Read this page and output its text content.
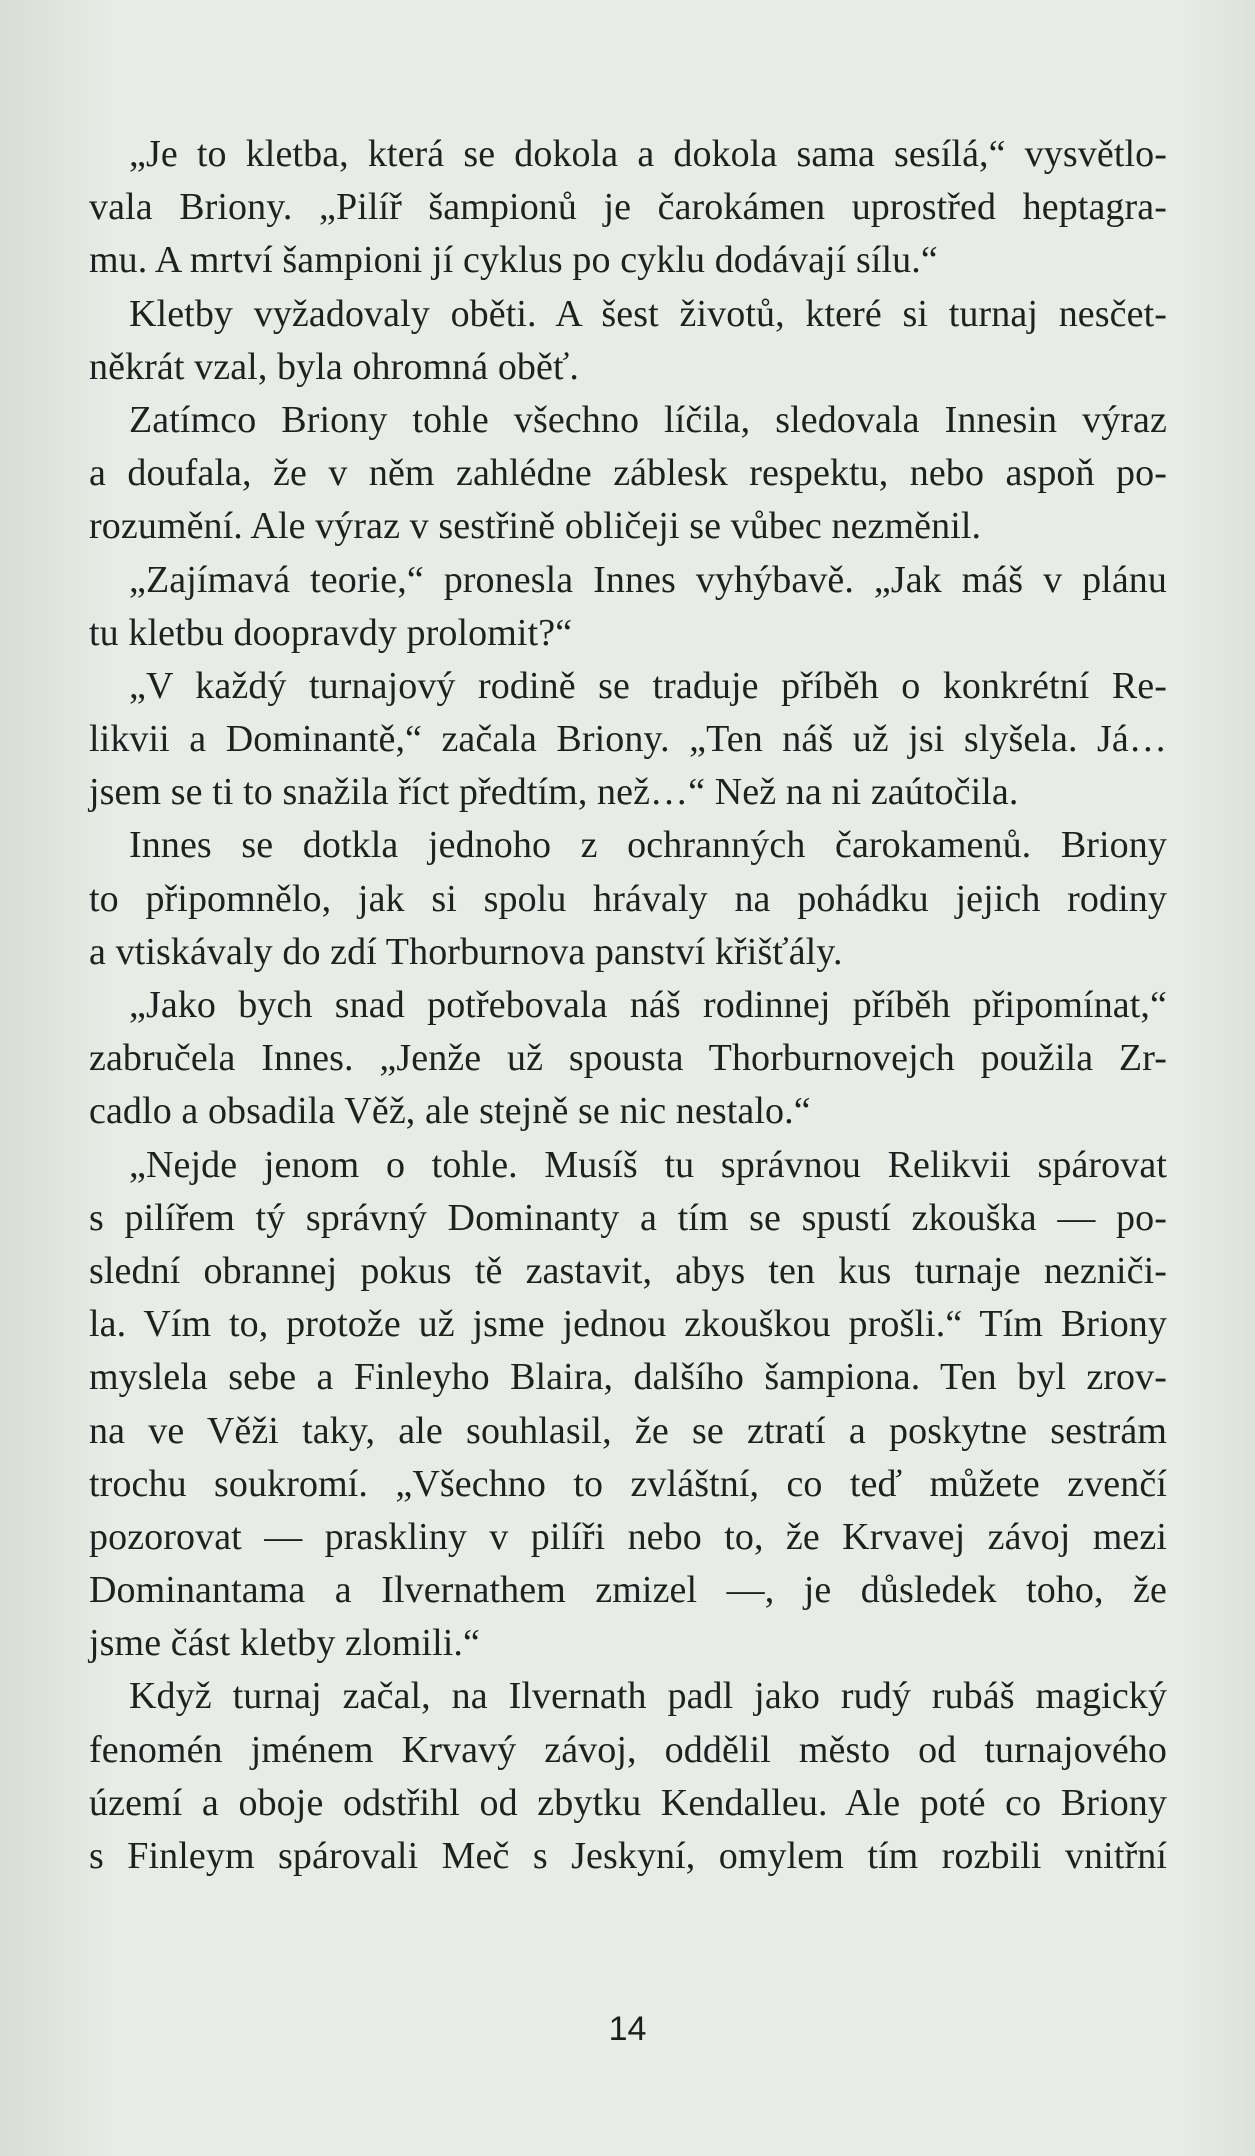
„Je to kletba, která se dokola a dokola sama sesílá,“ vysvětlo-
vala Briony. „Pilíř šampionů je čarokámen uprostřed heptagra-
mu. A mrtví šampioni jí cyklus po cyklu dodávají sílu.“
Kletby vyžadovaly oběti. A šest životů, které si turnaj nesčet-
někrát vzal, byla ohromná oběť.
Zatímco Briony tohle všechno líčila, sledovala Innesin výraz
a doufala, že v něm zahlédne záblesk respektu, nebo aspoň po-
rozumění. Ale výraz v sestřině obličeji se vůbec nezměnil.
„Zajímavá teorie,“ pronesla Innes vyhýbavě. „Jak máš v plánu
tu kletbu doopravdy prolomit?“
„V každý turnajový rodině se traduje příběh o konkrétní Re-
likvii a Dominantě,“ začala Briony. „Ten náš už jsi slyšela. Já…
jsem se ti to snažila říct předtím, než…“ Než na ni zaútočila.
Innes se dotkla jednoho z ochranných čarokamenů. Briony
to připomnělo, jak si spolu hrávaly na pohádku jejich rodiny
a vtiskávaly do zdí Thorburnova panství křišťály.
„Jako bych snad potřebovala náš rodinnej příběh připomínat,“
zabručela Innes. „Jenže už spousta Thorburnovejch použila Zr-
cadlo a obsadila Věž, ale stejně se nic nestalo.“
„Nejde jenom o tohle. Musíš tu správnou Relikvii spárovat
s pilířem tý správný Dominanty a tím se spustí zkouška — po-
slední obrannej pokus tě zastavit, abys ten kus turnaje nezniči-
la. Vím to, protože už jsme jednou zkouškou prošli.“ Tím Briony
myslela sebe a Finleyho Blaira, dalšího šampiona. Ten byl zrov-
na ve Věži taky, ale souhlasil, že se ztratí a poskytne sestrám
trochu soukromí. „Všechno to zvláštní, co teď můžete zvenčí
pozorovat — praskliny v pilíři nebo to, že Krvavej závoj mezi
Dominantama a Ilvernathem zmizel —, je důsledek toho, že
jsme část kletby zlomili.“
Když turnaj začal, na Ilvernath padl jako rudý rubáš magický
fenomén jménem Krvavý závoj, oddělil město od turnajového
území a oboje odstřihl od zbytku Kendalleu. Ale poté co Briony
s Finleym spárovali Meč s Jeskyní, omylem tím rozbili vnitřní
14
